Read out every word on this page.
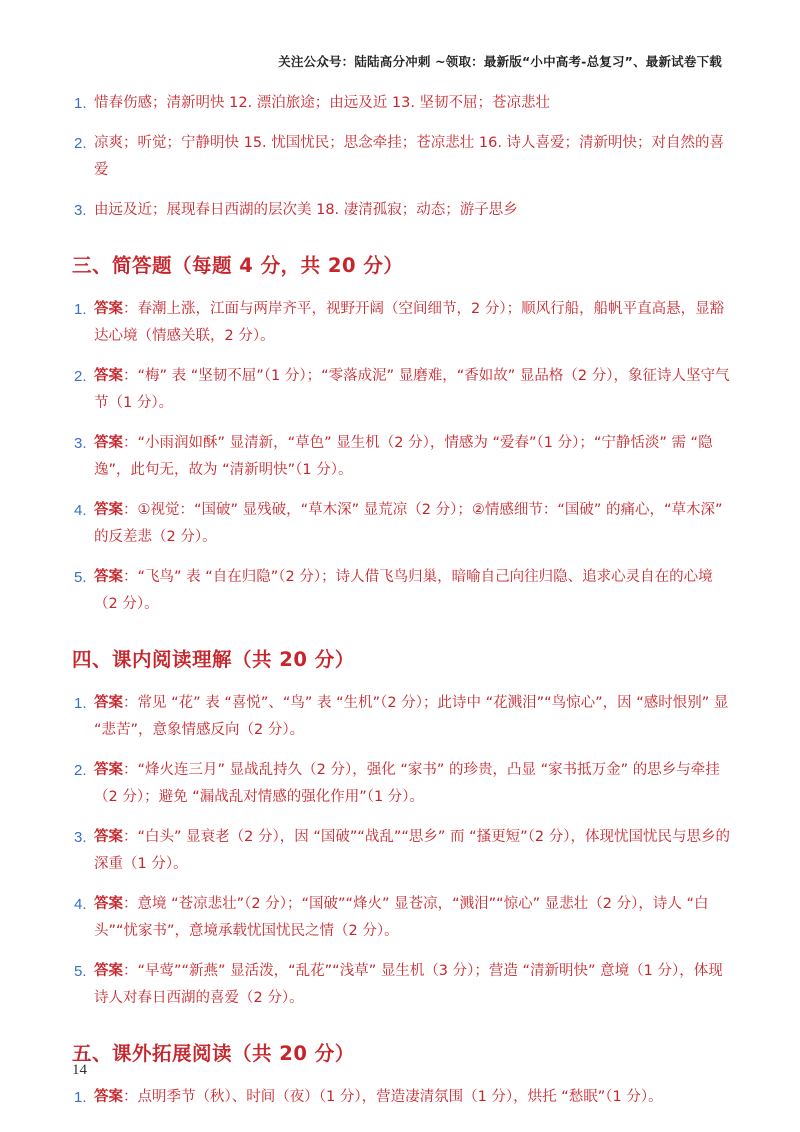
关注公众号：陆陆高分冲刺 ~领取：最新版“小中高考-总复习”、最新试卷下载
1. 惜春伤感；清新明快 12. 漂泊旅途；由远及近 13. 坚韧不屈；苍凉悲壮
2. 凉爽；听觉；宁静明快 15. 忧国忧民；思念牵挂；苍凉悲壮 16. 诗人喜爱；清新明快；对自然的喜爱
3. 由远及近；展现春日西湖的层次美 18. 凄清孤寂；动态；游子思乡
三、简答题（每题 4 分，共 20 分）
1. 答案：春潮上涨，江面与两岸齐平，视野开阔（空间细节，2 分）；顺风行船，船帆平直高悬，显豁达心境（情感关联，2 分）。
2. 答案：“梅” 表 “坚韧不屈”（1 分）；“零落成泥” 显磨难，“香如故” 显品格（2 分），象征诗人坚守气节（1 分）。
3. 答案：“小雨润如酥” 显清新，“草色” 显生机（2 分），情感为 “爱春”（1 分）；“宁静恬淡” 需 “隐逸”，此句无，故为 “清新明快”（1 分）。
4. 答案：①视觉：“国破” 显残破，“草木深” 显荒凉（2 分）；②情感细节：“国破” 的痛心，“草木深” 的反差悲（2 分）。
5. 答案：“飞鸟” 表 “自在归隐”（2 分）；诗人借飞鸟归巢，暗喻自己向往归隐、追求心灵自在的心境（2 分）。
四、课内阅读理解（共 20 分）
1. 答案：常见 “花” 表 “喜悦”、“鸟” 表 “生机”（2 分）；此诗中 “花溅泪”“鸟惊心”，因 “感时恨别” 显 “悲苦”，意象情感反向（2 分）。
2. 答案：“烽火连三月” 显战乱持久（2 分），强化 “家书” 的珍贵，凸显 “家书抵万金” 的思乡与牵挂（2 分）；避免 “漏战乱对情感的强化作用”（1 分）。
3. 答案：“白头” 显衰老（2 分），因 “国破”“战乱”“思乡” 而 “搔更短”（2 分），体现忧国忧民与思乡的深重（1 分）。
4. 答案：意境 “苍凉悲壮”（2 分）；“国破”“烽火” 显苍凉，“溅泪”“惊心” 显悲壮（2 分），诗人 “白头”“忧家书”，意境承载忧国忧民之情（2 分）。
5. 答案：“早莺”“新燕” 显活泼，“乱花”“浅草” 显生机（3 分）；营造 “清新明快” 意境（1 分），体现诗人对春日西湖的喜爱（2 分）。
五、课外拓展阅读（共 20 分）
1. 答案：点明季节（秋）、时间（夜）（1 分），营造凄清氛围（1 分），烘托 “愁眠”（1 分）。
14
